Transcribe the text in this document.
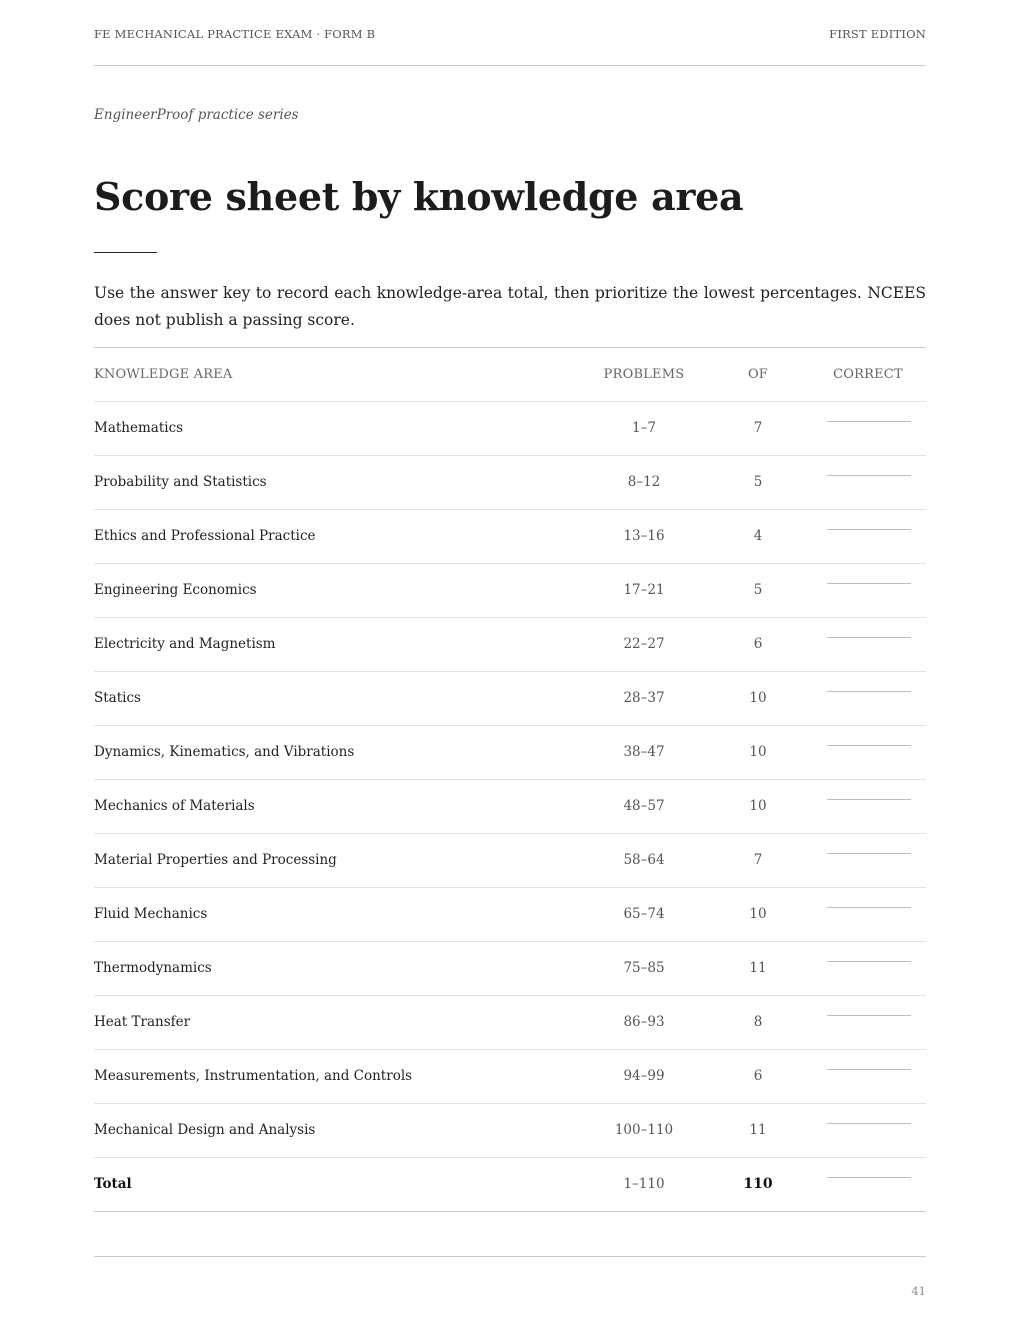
FE MECHANICAL PRACTICE EXAM · FORM B	FIRST EDITION
EngineerProof practice series
Score sheet by knowledge area

Use the answer key to record each knowledge-area total, then prioritize the lowest percentages. NCEES does not publish a passing score.

KNOWLEDGE AREA	PROBLEMS	OF	CORRECT
Mathematics	1–7	7
Probability and Statistics	8–12	5
Ethics and Professional Practice	13–16	4
Engineering Economics	17–21	5
Electricity and Magnetism	22–27	6
Statics	28–37	10
Dynamics, Kinematics, and Vibrations	38–47	10
Mechanics of Materials	48–57	10
Material Properties and Processing	58–64	7
Fluid Mechanics	65–74	10
Thermodynamics	75–85	11
Heat Transfer	86–93	8
Measurements, Instrumentation, and Controls	94–99	6
Mechanical Design and Analysis	100–110	11
Total	1–110	110
41
